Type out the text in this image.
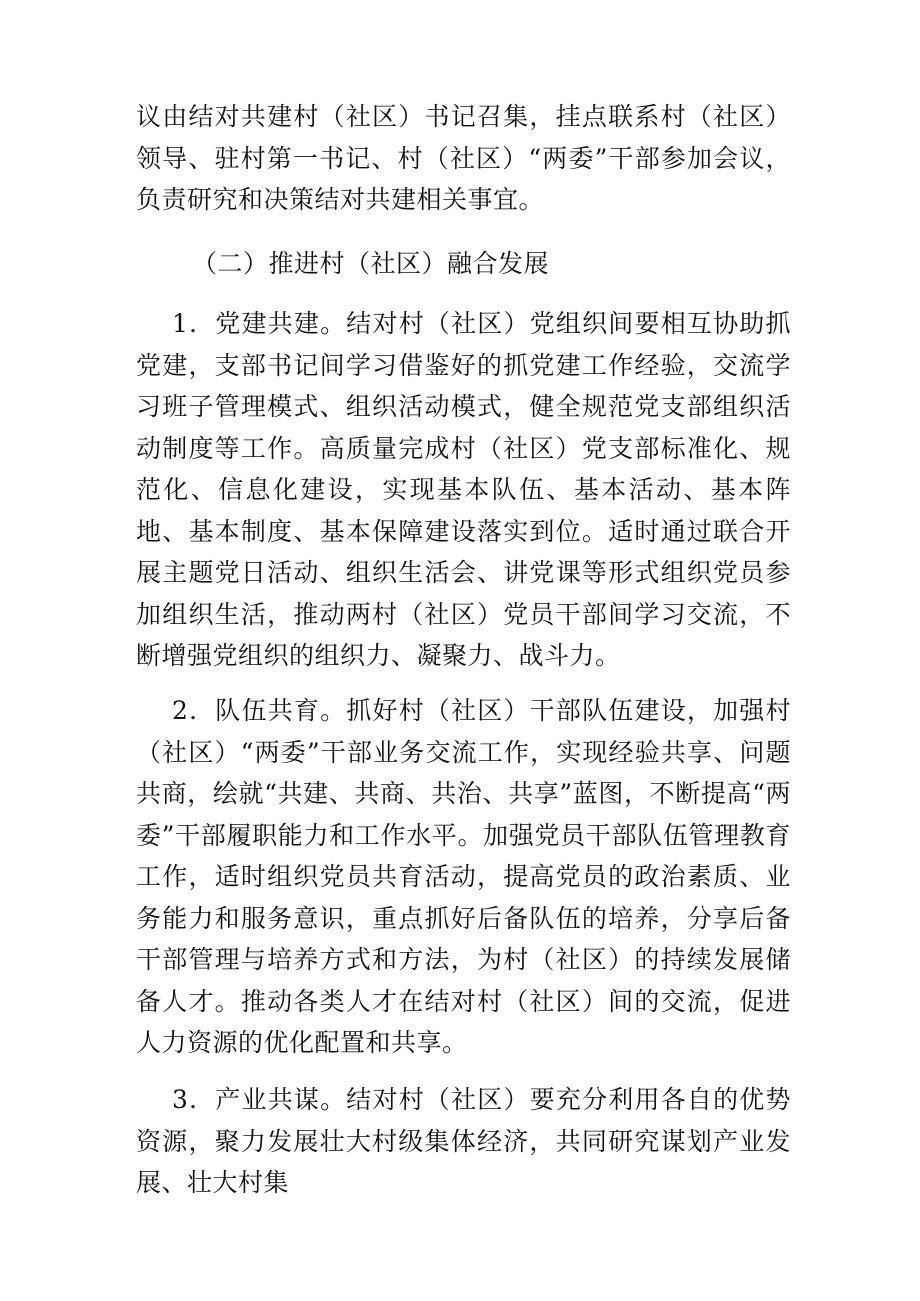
议由结对共建村（社区）书记召集，挂点联系村（社区）领导、驻村第一书记、村（社区）“两委”干部参加会议，负责研究和决策结对共建相关事宜。

（二）推进村（社区）融合发展

1．党建共建。结对村（社区）党组织间要相互协助抓党建，支部书记间学习借鉴好的抓党建工作经验，交流学习班子管理模式、组织活动模式，健全规范党支部组织活动制度等工作。高质量完成村（社区）党支部标准化、规范化、信息化建设，实现基本队伍、基本活动、基本阵地、基本制度、基本保障建设落实到位。适时通过联合开展主题党日活动、组织生活会、讲党课等形式组织党员参加组织生活，推动两村（社区）党员干部间学习交流，不断增强党组织的组织力、凝聚力、战斗力。

2．队伍共育。抓好村（社区）干部队伍建设，加强村（社区）“两委”干部业务交流工作，实现经验共享、问题共商，绘就“共建、共商、共治、共享”蓝图，不断提高“两委”干部履职能力和工作水平。加强党员干部队伍管理教育工作，适时组织党员共育活动，提高党员的政治素质、业务能力和服务意识，重点抓好后备队伍的培养，分享后备干部管理与培养方式和方法，为村（社区）的持续发展储备人才。推动各类人才在结对村（社区）间的交流，促进人力资源的优化配置和共享。

3．产业共谋。结对村（社区）要充分利用各自的优势资源，聚力发展壮大村级集体经济，共同研究谋划产业发展、壮大村集
